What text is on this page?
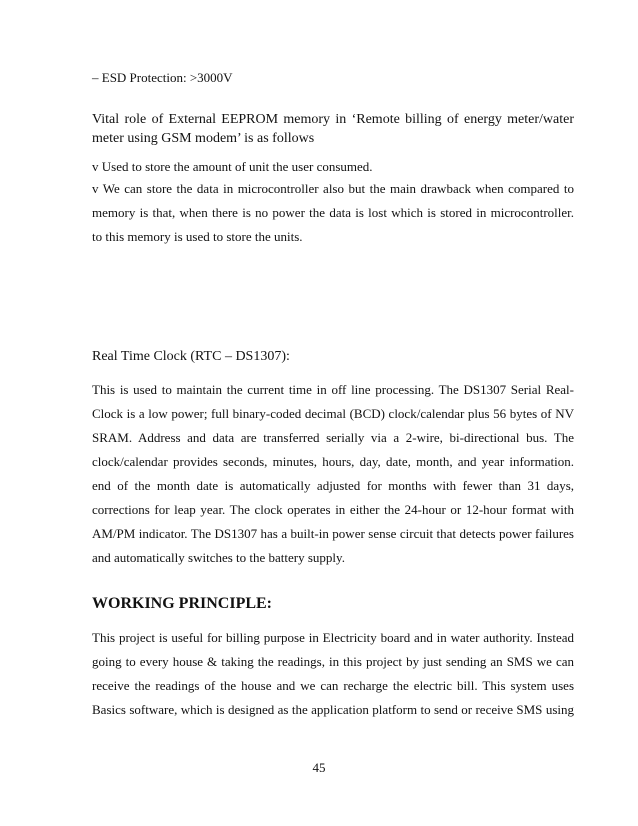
– ESD Protection: >3000V
Vital role of External EEPROM memory in ‘Remote billing of energy meter/water
meter using GSM modem’ is as follows
v Used to store the amount of unit the user consumed.
v We can store the data in microcontroller also but the main drawback when compared to
memory is that, when there is no power the data is lost which is stored in microcontroller.
to this memory is used to store the units.
Real Time Clock (RTC – DS1307):
This is used to maintain the current time in off line processing. The DS1307 Serial Real-
Clock is a low power; full binary-coded decimal (BCD) clock/calendar plus 56 bytes of NV
SRAM. Address and data are transferred serially via a 2-wire, bi-directional bus. The
clock/calendar provides seconds, minutes, hours, day, date, month, and year information.
end of the month date is automatically adjusted for months with fewer than 31 days,
corrections for leap year. The clock operates in either the 24-hour or 12-hour format with
AM/PM indicator. The DS1307 has a built-in power sense circuit that detects power failures
and automatically switches to the battery supply.
WORKING PRINCIPLE:
This project is useful for billing purpose in Electricity board and in water authority. Instead
going to every house & taking the readings, in this project by just sending an SMS we can
receive the readings of the house and we can recharge the electric bill. This system uses
Basics software, which is designed as the application platform to send or receive SMS using
45
